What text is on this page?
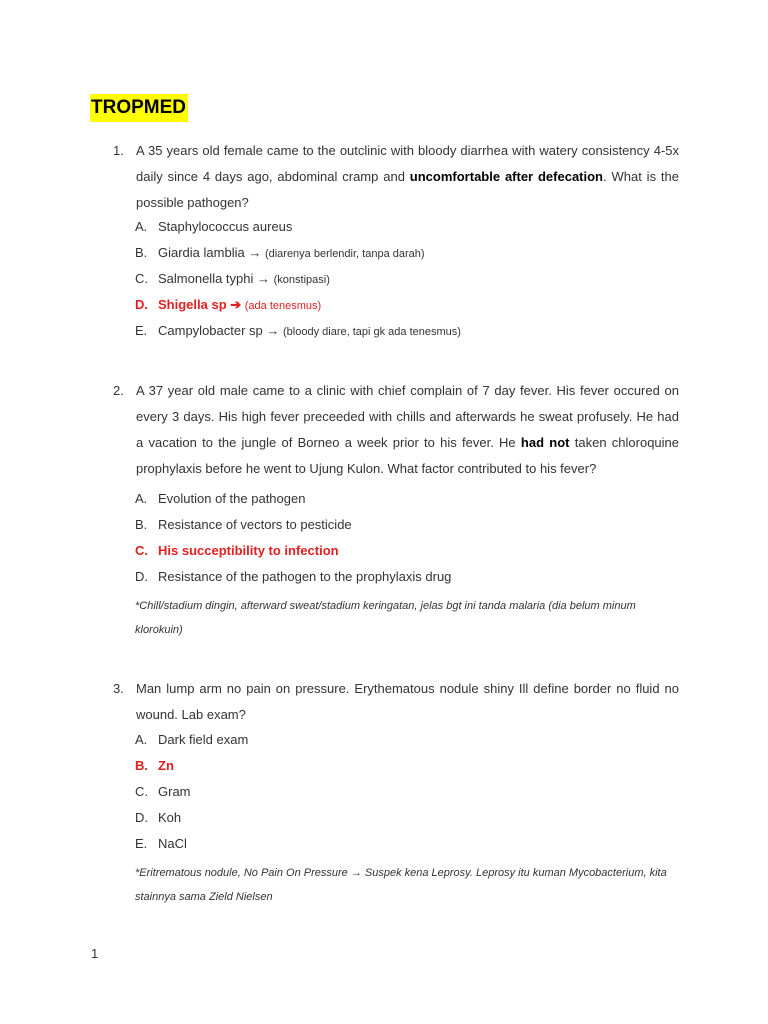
TROPMED
1. A 35 years old female came to the outclinic with bloody diarrhea with watery consistency 4-5x daily since 4 days ago, abdominal cramp and uncomfortable after defecation. What is the possible pathogen?
A. Staphylococcus aureus
B. Giardia lamblia → (diarenya berlendir, tanpa darah)
C. Salmonella typhi → (konstipasi)
D. Shigella sp ➔ (ada tenesmus)
E. Campylobacter sp → (bloody diare, tapi gk ada tenesmus)
2. A 37 year old male came to a clinic with chief complain of 7 day fever. His fever occured on every 3 days. His high fever preceeded with chills and afterwards he sweat profusely. He had a vacation to the jungle of Borneo a week prior to his fever. He had not taken chloroquine prophylaxis before he went to Ujung Kulon. What factor contributed to his fever?
A. Evolution of the pathogen
B. Resistance of vectors to pesticide
C. His succeptibility to infection
D. Resistance of the pathogen to the prophylaxis drug
*Chill/stadium dingin, afterward sweat/stadium keringatan, jelas bgt ini tanda malaria (dia belum minum klorokuin)
3. Man lump arm no pain on pressure. Erythematous nodule shiny Ill define border no fluid no wound. Lab exam?
A. Dark field exam
B. Zn
C. Gram
D. Koh
E. NaCl
*Eritrematous nodule, No Pain On Pressure → Suspek kena Leprosy. Leprosy itu kuman Mycobacterium, kita stainnya sama Zield Nielsen
1
